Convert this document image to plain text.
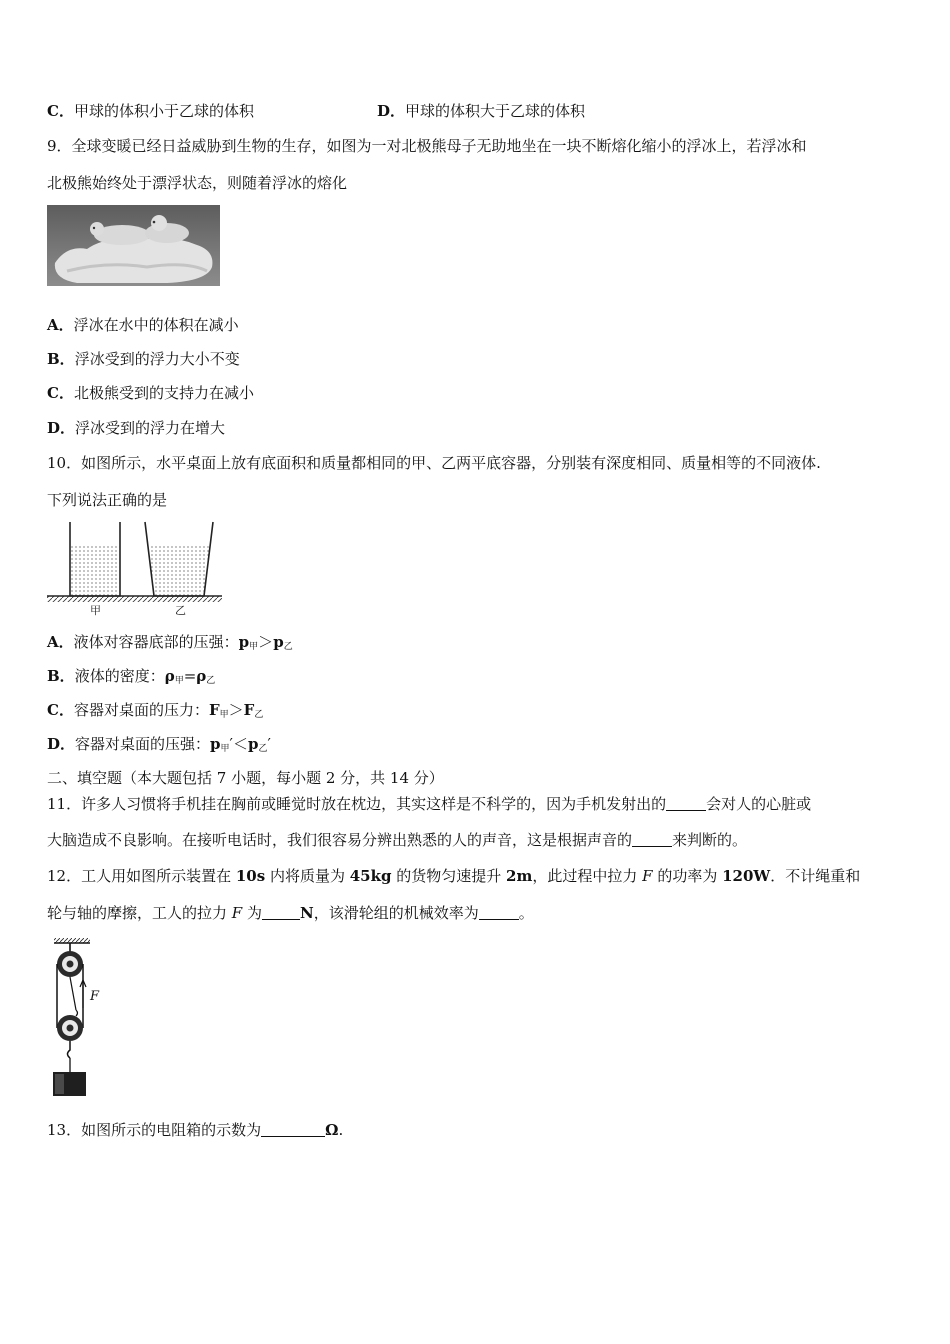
C．甲球的体积小于乙球的体积	D．甲球的体积大于乙球的体积
9．全球变暖已经日益威胁到生物的生存，如图为一对北极熊母子无助地坐在一块不断熔化缩小的浮冰上，若浮冰和
北极熊始终处于漂浮状态，则随着浮冰的熔化
A．浮冰在水中的体积在减小
B．浮冰受到的浮力大小不变
C．北极熊受到的支持力在减小
D．浮冰受到的浮力在增大
10．如图所示，水平桌面上放有底面积和质量都相同的甲、乙两平底容器，分别装有深度相同、质量相等的不同液体.
下列说法正确的是
甲	乙
A．液体对容器底部的压强：$p_甲>p_乙$
B．液体的密度：$\rho_甲=\rho_乙$
C．容器对桌面的压力：$F_甲>F_乙$
D．容器对桌面的压强：$p_甲'<p_乙'$
二、填空题（本大题包括 7 小题，每小题 2 分，共 14 分）
11．许多人习惯将手机挂在胸前或睡觉时放在枕边，其实这样是不科学的，因为手机发射出的	会对人的心脏或
大脑造成不良影响。在接听电话时，我们很容易分辨出熟悉的人的声音，这是根据声音的	来判断的。
12．工人用如图所示装置在 10s 内将质量为 45kg 的货物匀速提升 2m，此过程中拉力 F 的功率为 120W．不计绳重和
轮与轴的摩擦，工人的拉力 F 为	N，该滑轮组的机械效率为	。
F
13．如图所示的电阻箱的示数为	Ω.
